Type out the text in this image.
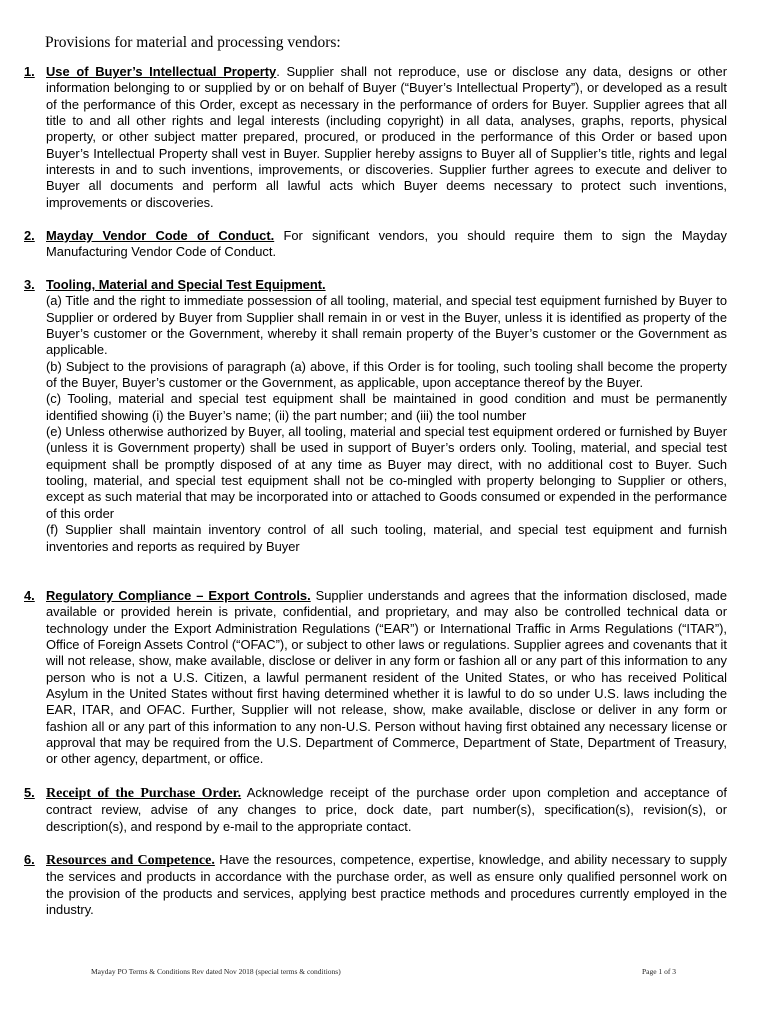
Provisions for material and processing vendors:
1. Use of Buyer’s Intellectual Property. Supplier shall not reproduce, use or disclose any data, designs or other information belonging to or supplied by or on behalf of Buyer (“Buyer’s Intellectual Property”), or developed as a result of the performance of this Order, except as necessary in the performance of orders for Buyer. Supplier agrees that all title to and all other rights and legal interests (including copyright) in all data, analyses, graphs, reports, physical property, or other subject matter prepared, procured, or produced in the performance of this Order or based upon Buyer’s Intellectual Property shall vest in Buyer. Supplier hereby assigns to Buyer all of Supplier’s title, rights and legal interests in and to such inventions, improvements, or discoveries. Supplier further agrees to execute and deliver to Buyer all documents and perform all lawful acts which Buyer deems necessary to protect such inventions, improvements or discoveries.
2. Mayday Vendor Code of Conduct. For significant vendors, you should require them to sign the Mayday Manufacturing Vendor Code of Conduct.
3. Tooling, Material and Special Test Equipment.
(a) Title and the right to immediate possession of all tooling, material, and special test equipment furnished by Buyer to Supplier or ordered by Buyer from Supplier shall remain in or vest in the Buyer, unless it is identified as property of the Buyer’s customer or the Government, whereby it shall remain property of the Buyer’s customer or the Government as applicable.
(b) Subject to the provisions of paragraph (a) above, if this Order is for tooling, such tooling shall become the property of the Buyer, Buyer’s customer or the Government, as applicable, upon acceptance thereof by the Buyer.
(c) Tooling, material and special test equipment shall be maintained in good condition and must be permanently identified showing (i) the Buyer’s name; (ii) the part number; and (iii) the tool number
(e) Unless otherwise authorized by Buyer, all tooling, material and special test equipment ordered or furnished by Buyer (unless it is Government property) shall be used in support of Buyer’s orders only. Tooling, material, and special test equipment shall be promptly disposed of at any time as Buyer may direct, with no additional cost to Buyer. Such tooling, material, and special test equipment shall not be co-mingled with property belonging to Supplier or others, except as such material that may be incorporated into or attached to Goods consumed or expended in the performance of this order
(f) Supplier shall maintain inventory control of all such tooling, material, and special test equipment and furnish inventories and reports as required by Buyer
4. Regulatory Compliance – Export Controls. Supplier understands and agrees that the information disclosed, made available or provided herein is private, confidential, and proprietary, and may also be controlled technical data or technology under the Export Administration Regulations (“EAR”) or International Traffic in Arms Regulations (“ITAR”), Office of Foreign Assets Control (“OFAC”), or subject to other laws or regulations. Supplier agrees and covenants that it will not release, show, make available, disclose or deliver in any form or fashion all or any part of this information to any person who is not a U.S. Citizen, a lawful permanent resident of the United States, or who has received Political Asylum in the United States without first having determined whether it is lawful to do so under U.S. laws including the EAR, ITAR, and OFAC. Further, Supplier will not release, show, make available, disclose or deliver in any form or fashion all or any part of this information to any non-U.S. Person without having first obtained any necessary license or approval that may be required from the U.S. Department of Commerce, Department of State, Department of Treasury, or other agency, department, or office.
5. Receipt of the Purchase Order. Acknowledge receipt of the purchase order upon completion and acceptance of contract review, advise of any changes to price, dock date, part number(s), specification(s), revision(s), or description(s), and respond by e-mail to the appropriate contact.
6. Resources and Competence. Have the resources, competence, expertise, knowledge, and ability necessary to supply the services and products in accordance with the purchase order, as well as ensure only qualified personnel work on the provision of the products and services, applying best practice methods and procedures currently employed in the industry.
Mayday PO Terms & Conditions Rev dated Nov 2018 (special terms & conditions)	Page 1 of 3
